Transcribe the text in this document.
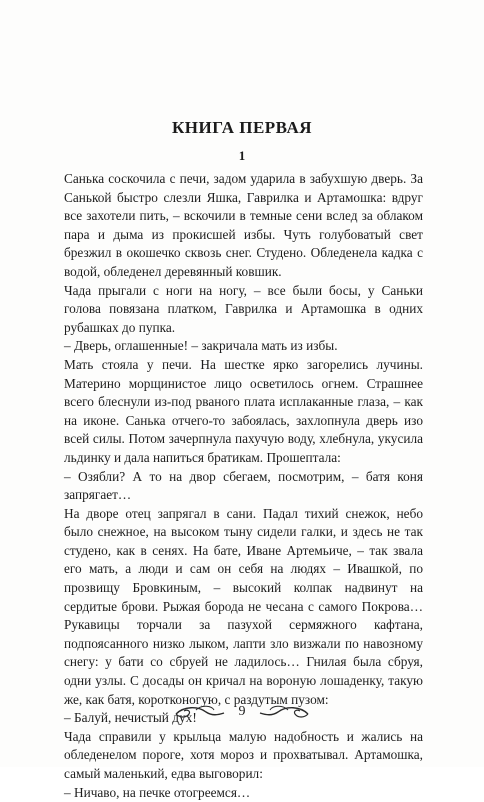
КНИГА ПЕРВАЯ
1

Санька соскочила с печи, задом ударила в забухшую дверь. За Санькой быстро слезли Яшка, Гаврилка и Артамошка: вдруг все захотели пить, – вскочили в темные сени вслед за облаком пара и дыма из прокисшей избы. Чуть голубоватый свет брезжил в окошечко сквозь снег. Студено. Обледенела кадка с водой, обледенел деревянный ковшик.

Чада прыгали с ноги на ногу, – все были босы, у Саньки голова повязана платком, Гаврилка и Артамошка в одних рубашках до пупка.

– Дверь, оглашенные! – закричала мать из избы.

Мать стояла у печи. На шестке ярко загорелись лучины. Материно морщинистое лицо осветилось огнем. Страшнее всего блеснули из-под рваного плата исплаканные глаза, – как на иконе. Санька отчего-то забоялась, захлопнула дверь изо всей силы. Потом зачерпнула пахучую воду, хлебнула, укусила льдинку и дала напиться братикам. Прошептала:

– Озябли? А то на двор сбегаем, посмотрим, – батя коня запрягает…

На дворе отец запрягал в сани. Падал тихий снежок, небо было снежное, на высоком тыну сидели галки, и здесь не так студено, как в сенях. На бате, Иване Артемьиче, – так звала его мать, а люди и сам он себя на людях – Ивашкой, по прозвищу Бровкиным, – высокий колпак надвинут на сердитые брови. Рыжая борода не чесана с самого Покрова… Рукавицы торчали за пазухой сермяжного кафтана, подпоясанного низко лыком, лапти зло визжали по навозному снегу: у бати со сбруей не ладилось… Гнилая была сбруя, одни узлы. С досады он кричал на вороную лошаденку, такую же, как батя, коротконогую, с раздутым пузом:

– Балуй, нечистый дух!

Чада справили у крыльца малую надобность и жались на обледенелом пороге, хотя мороз и прохватывал. Артамошка, самый маленький, едва выговорил:

– Ничаво, на печке отогреемся…

9
